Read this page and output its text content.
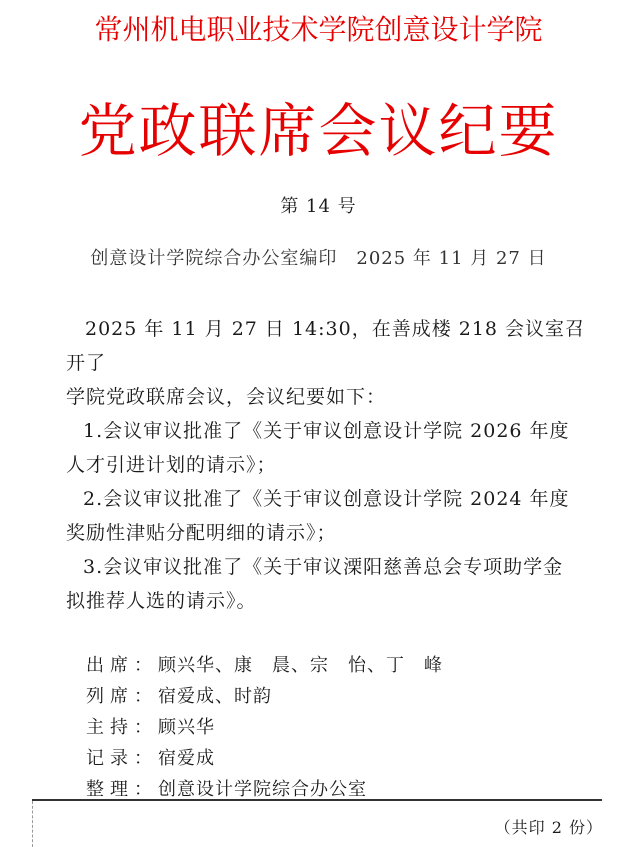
常州机电职业技术学院创意设计学院
党政联席会议纪要
第 14 号
创意设计学院综合办公室编印　2025 年 11 月 27 日

2025 年 11 月 27 日 14:30，在善成楼 218 会议室召开了

学院党政联席会议，会议纪要如下：

1.会议审议批准了《关于审议创意设计学院 2026 年度

人才引进计划的请示》；

2.会议审议批准了《关于审议创意设计学院 2024 年度

奖励性津贴分配明细的请示》；

3.会议审议批准了《关于审议溧阳慈善总会专项助学金

拟推荐人选的请示》。

出席： 顾兴华、康　晨、宗　怡、丁　峰
列席： 宿爱成、时韵
主持： 顾兴华
记录： 宿爱成
整理： 创意设计学院综合办公室
（共印 2 份）
